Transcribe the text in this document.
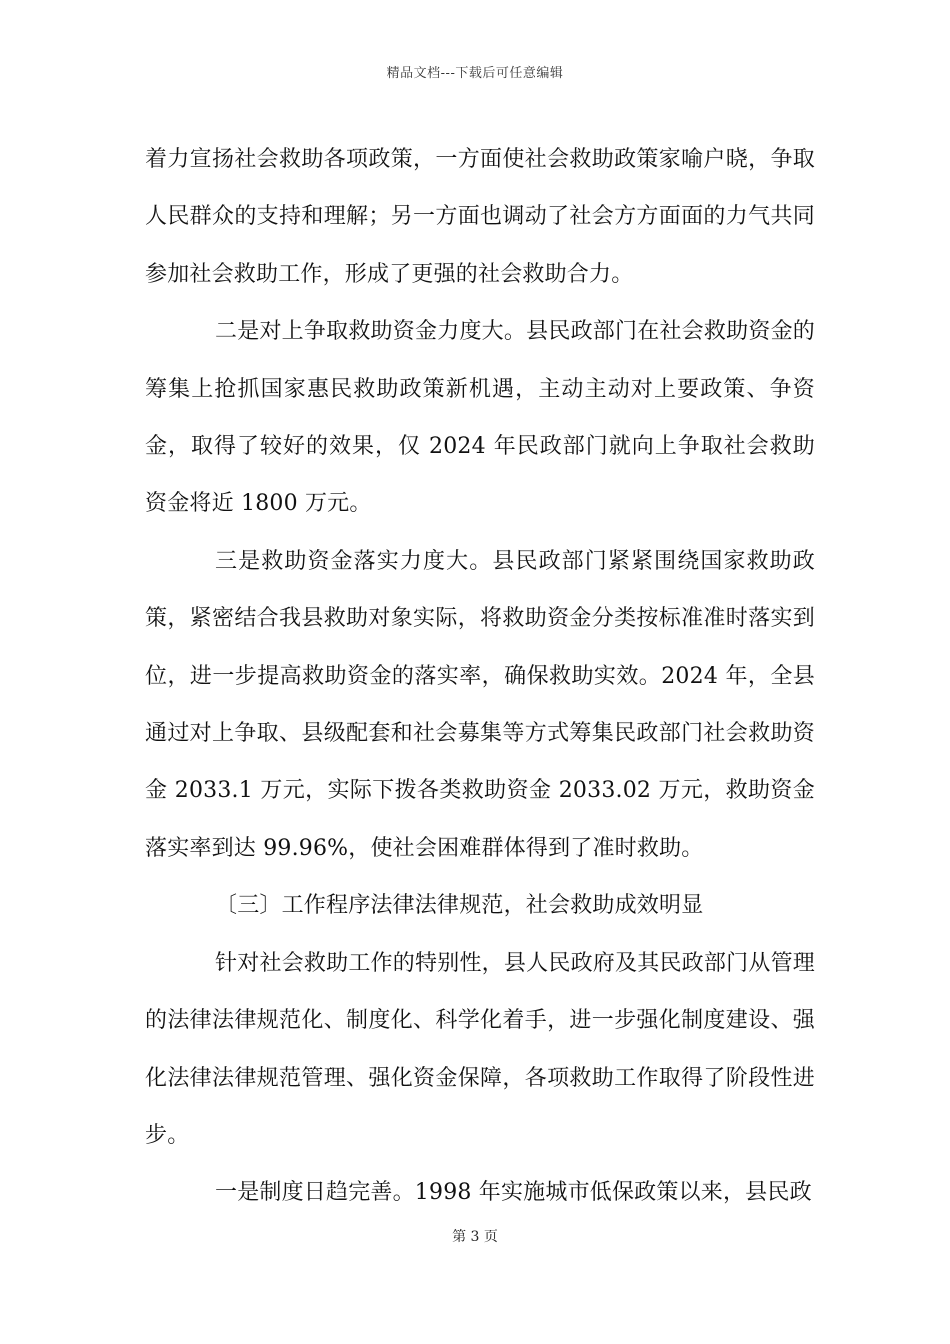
精品文档---下载后可任意编辑

着力宣扬社会救助各项政策，一方面使社会救助政策家喻户晓，争取人民群众的支持和理解；另一方面也调动了社会方方面面的力气共同参加社会救助工作，形成了更强的社会救助合力。

二是对上争取救助资金力度大。县民政部门在社会救助资金的筹集上抢抓国家惠民救助政策新机遇，主动主动对上要政策、争资金，取得了较好的效果，仅 2024 年民政部门就向上争取社会救助资金将近 1800 万元。

三是救助资金落实力度大。县民政部门紧紧围绕国家救助政策，紧密结合我县救助对象实际，将救助资金分类按标准准时落实到位，进一步提高救助资金的落实率，确保救助实效。2024 年，全县通过对上争取、县级配套和社会募集等方式筹集民政部门社会救助资金 2033.1 万元，实际下拨各类救助资金 2033.02 万元，救助资金落实率到达 99.96%，使社会困难群体得到了准时救助。

〔三〕工作程序法律法律规范，社会救助成效明显

针对社会救助工作的特别性，县人民政府及其民政部门从管理的法律法律规范化、制度化、科学化着手，进一步强化制度建设、强化法律法律规范管理、强化资金保障，各项救助工作取得了阶段性进步。

一是制度日趋完善。1998 年实施城市低保政策以来，县民政

第 3 页
